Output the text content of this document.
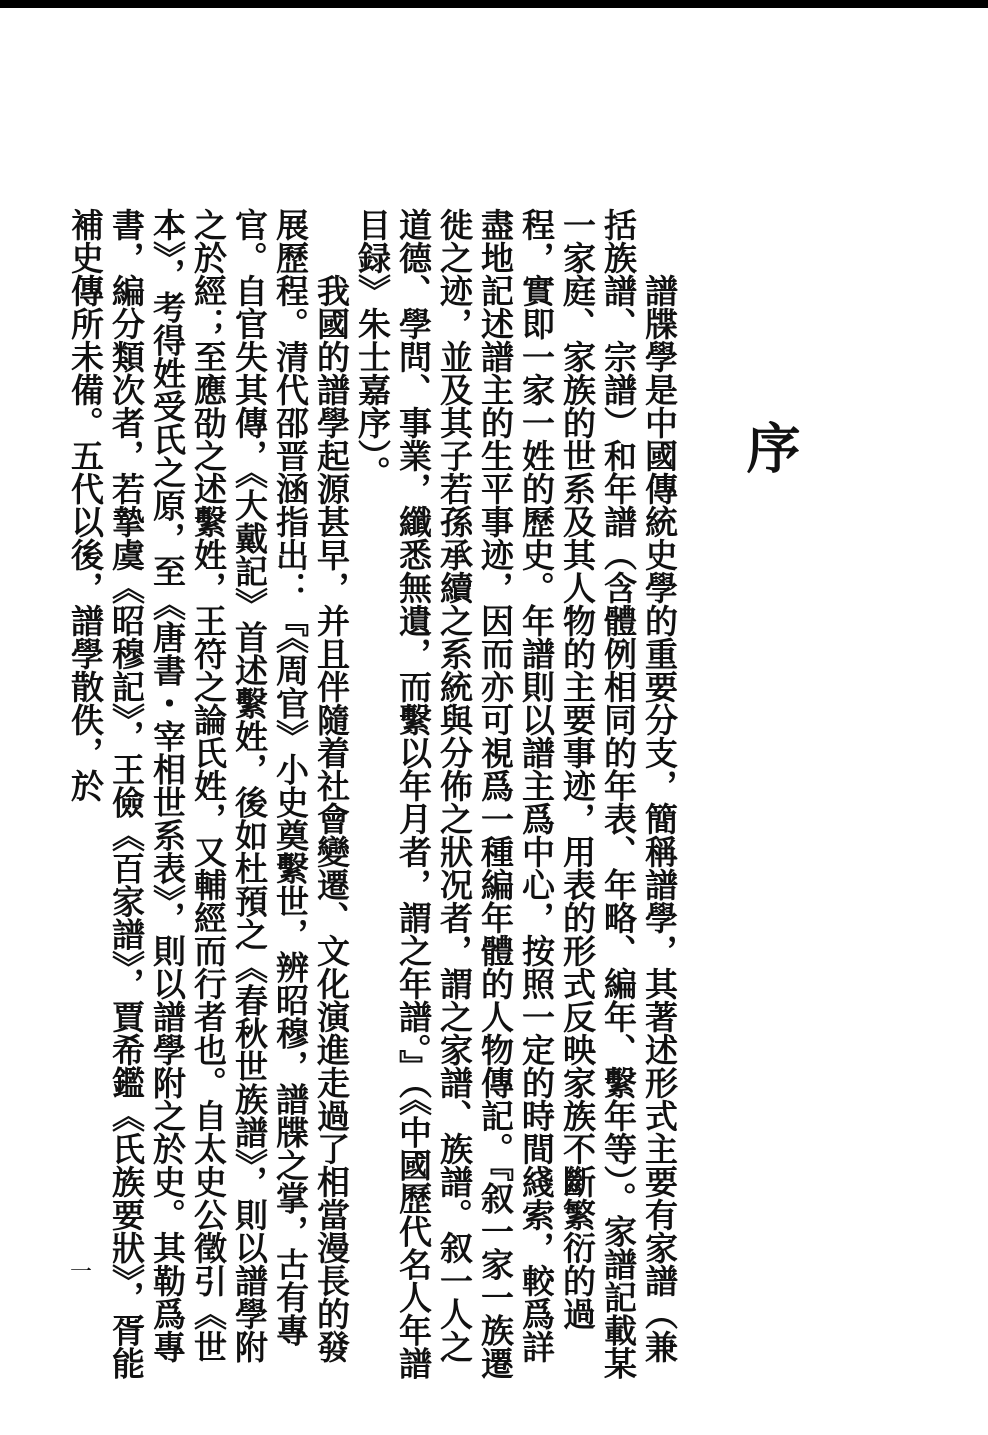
序

　　譜牒學是中國傳統史學的重要分支，簡稱譜學，其著述形式主要有家譜（兼括族譜、宗譜）和年譜（含體例相同的年表、年略、編年、繫年等）。家譜記載某一家庭、家族的世系及其人物的主要事迹，用表的形式反映家族不斷繁衍的過程，實即一家一姓的歷史。年譜則以譜主爲中心，按照一定的時間綫索，較爲詳盡地記述譜主的生平事迹，因而亦可視爲一種編年體的人物傳記。『叙一家一族遷徙之迹，並及其子若孫承續之系統與分佈之狀况者，謂之家譜、族譜。叙一人之道德、學問、事業，纖悉無遺，而繫以年月者，謂之年譜。』（《中國歷代名人年譜目録》朱士嘉序）。

　　我國的譜學起源甚早，并且伴隨着社會變遷、文化演進走過了相當漫長的發展歷程。清代邵晋涵指出：『《周官》小史奠繫世，辨昭穆，譜牒之掌，古有專官。自官失其傳，《大戴記》首述繫姓，後如杜預之《春秋世族譜》，則以譜學附之於經；至應劭之述繫姓，王符之論氏姓，又輔經而行者也。自太史公徵引《世本》，考得姓受氏之原，至《唐書・宰相世系表》，則以譜學附之於史。其勒爲專書，編分類次者，若摯虞《昭穆記》，王儉《百家譜》，賈希鑑《氏族要狀》，胥能補史傳所未備。五代以後，譜學散佚，於

一
